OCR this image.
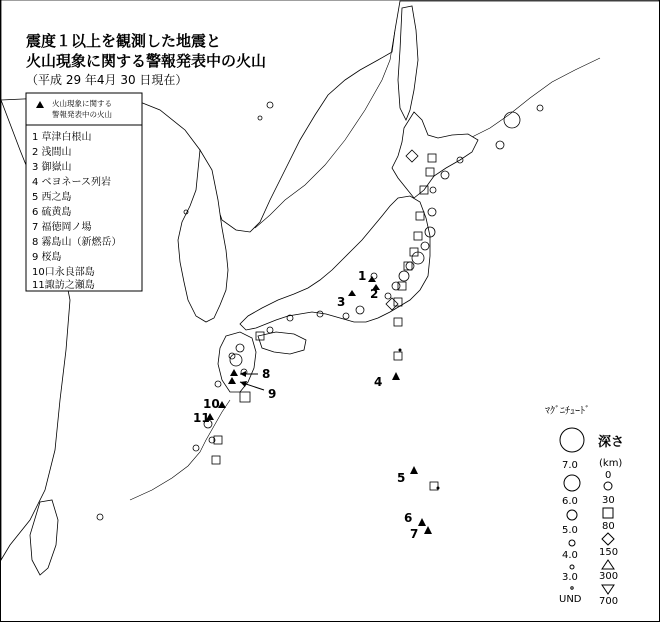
1
2
3
4
5
6
7
8
9
10
11
震度１以上を観測した地震と
火山現象に関する警報発表中の火山
（平成 29 年4月 30 日現在）
火山現象に関する
警報発表中の火山
1 草津白根山
2 浅間山
3 御嶽山
4 ベヨネース列岩
5 西之島
6 硫黄島
7 福徳岡ノ場
8 霧島山（新燃岳）
9 桜島
10口永良部島
11諏訪之瀬島
ﾏｸﾞﾆﾁｭｰﾄﾞ
7.0
6.0
5.0
4.0
3.0
UND
深さ
(km)
0
30
80
150
300
700
